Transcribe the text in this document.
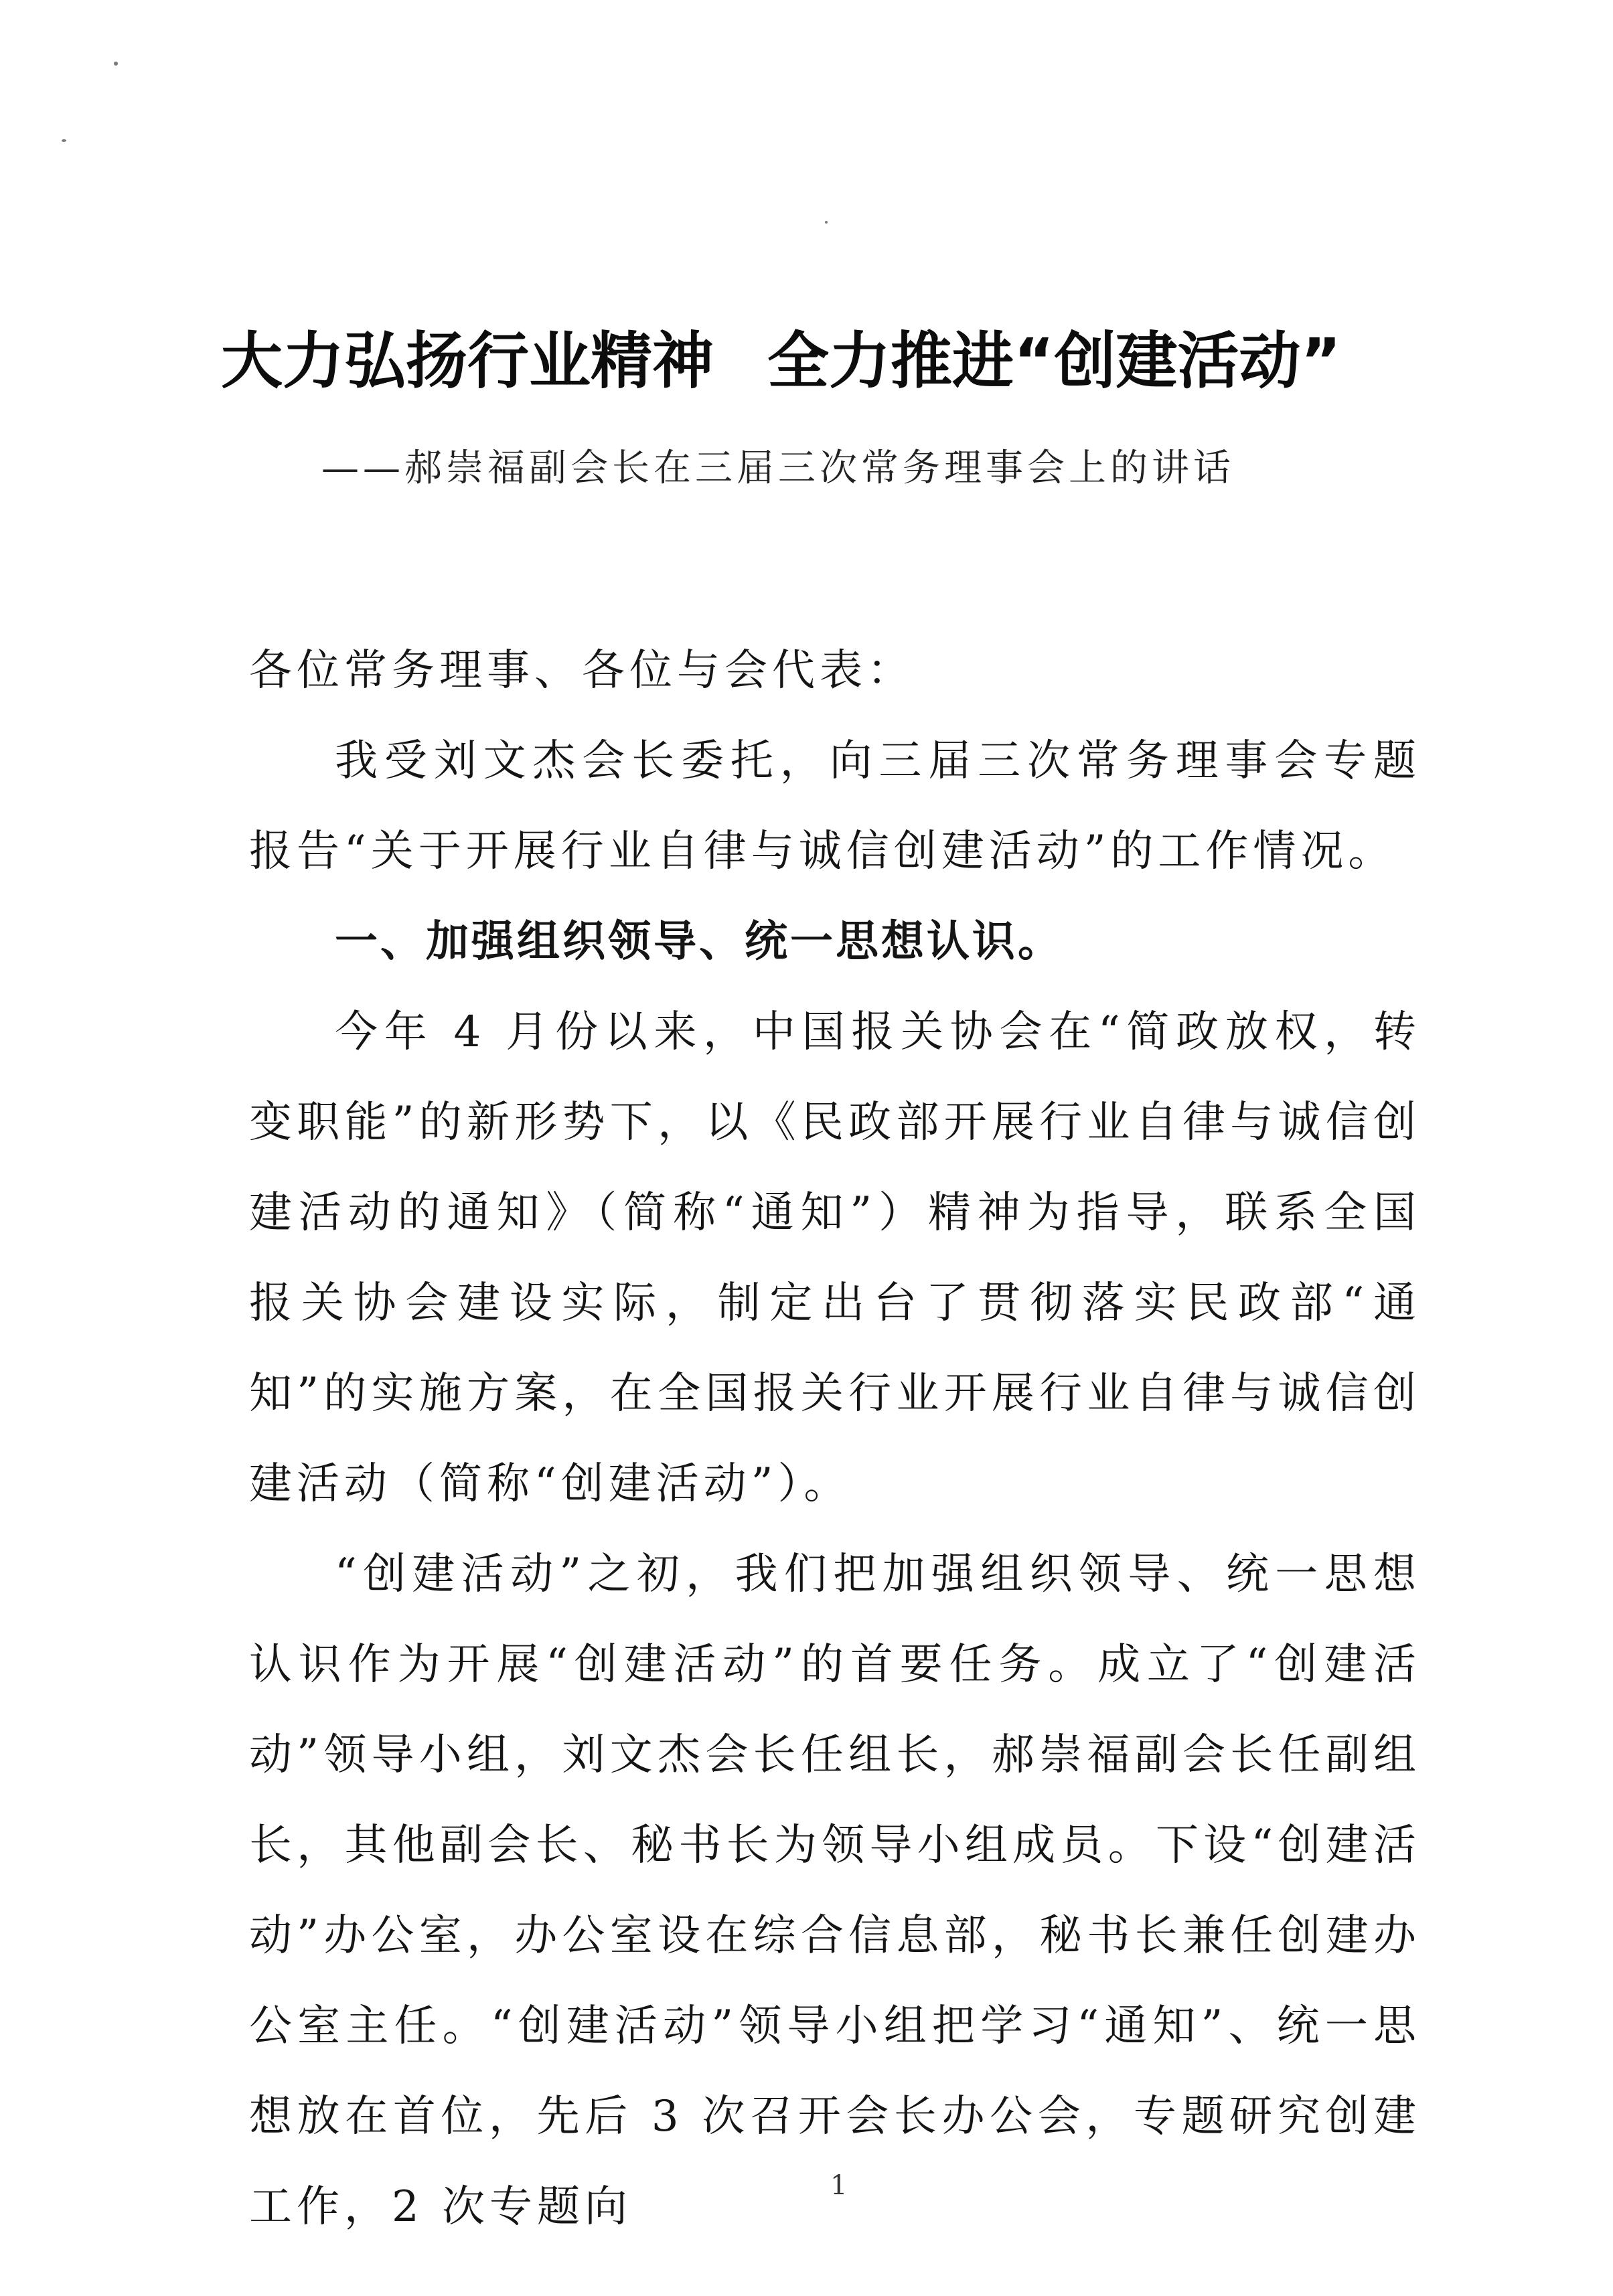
大力弘扬行业精神 全力推进“创建活动”

——郝崇福副会长在三届三次常务理事会上的讲话

各位常务理事、各位与会代表：

我受刘文杰会长委托，向三届三次常务理事会专题报告“关于开展行业自律与诚信创建活动”的工作情况。

一、加强组织领导、统一思想认识。

今年 4 月份以来，中国报关协会在“简政放权，转变职能”的新形势下，以《民政部开展行业自律与诚信创建活动的通知》（简称“通知”）精神为指导，联系全国报关协会建设实际，制定出台了贯彻落实民政部“通知”的实施方案，在全国报关行业开展行业自律与诚信创建活动（简称“创建活动”）。

“创建活动”之初，我们把加强组织领导、统一思想认识作为开展“创建活动”的首要任务。成立了“创建活动”领导小组，刘文杰会长任组长，郝崇福副会长任副组长，其他副会长、秘书长为领导小组成员。下设“创建活动”办公室，办公室设在综合信息部，秘书长兼任创建办公室主任。“创建活动”领导小组把学习“通知”、统一思想放在首位，先后 3 次召开会长办公会，专题研究创建工作，2 次专题向	1
